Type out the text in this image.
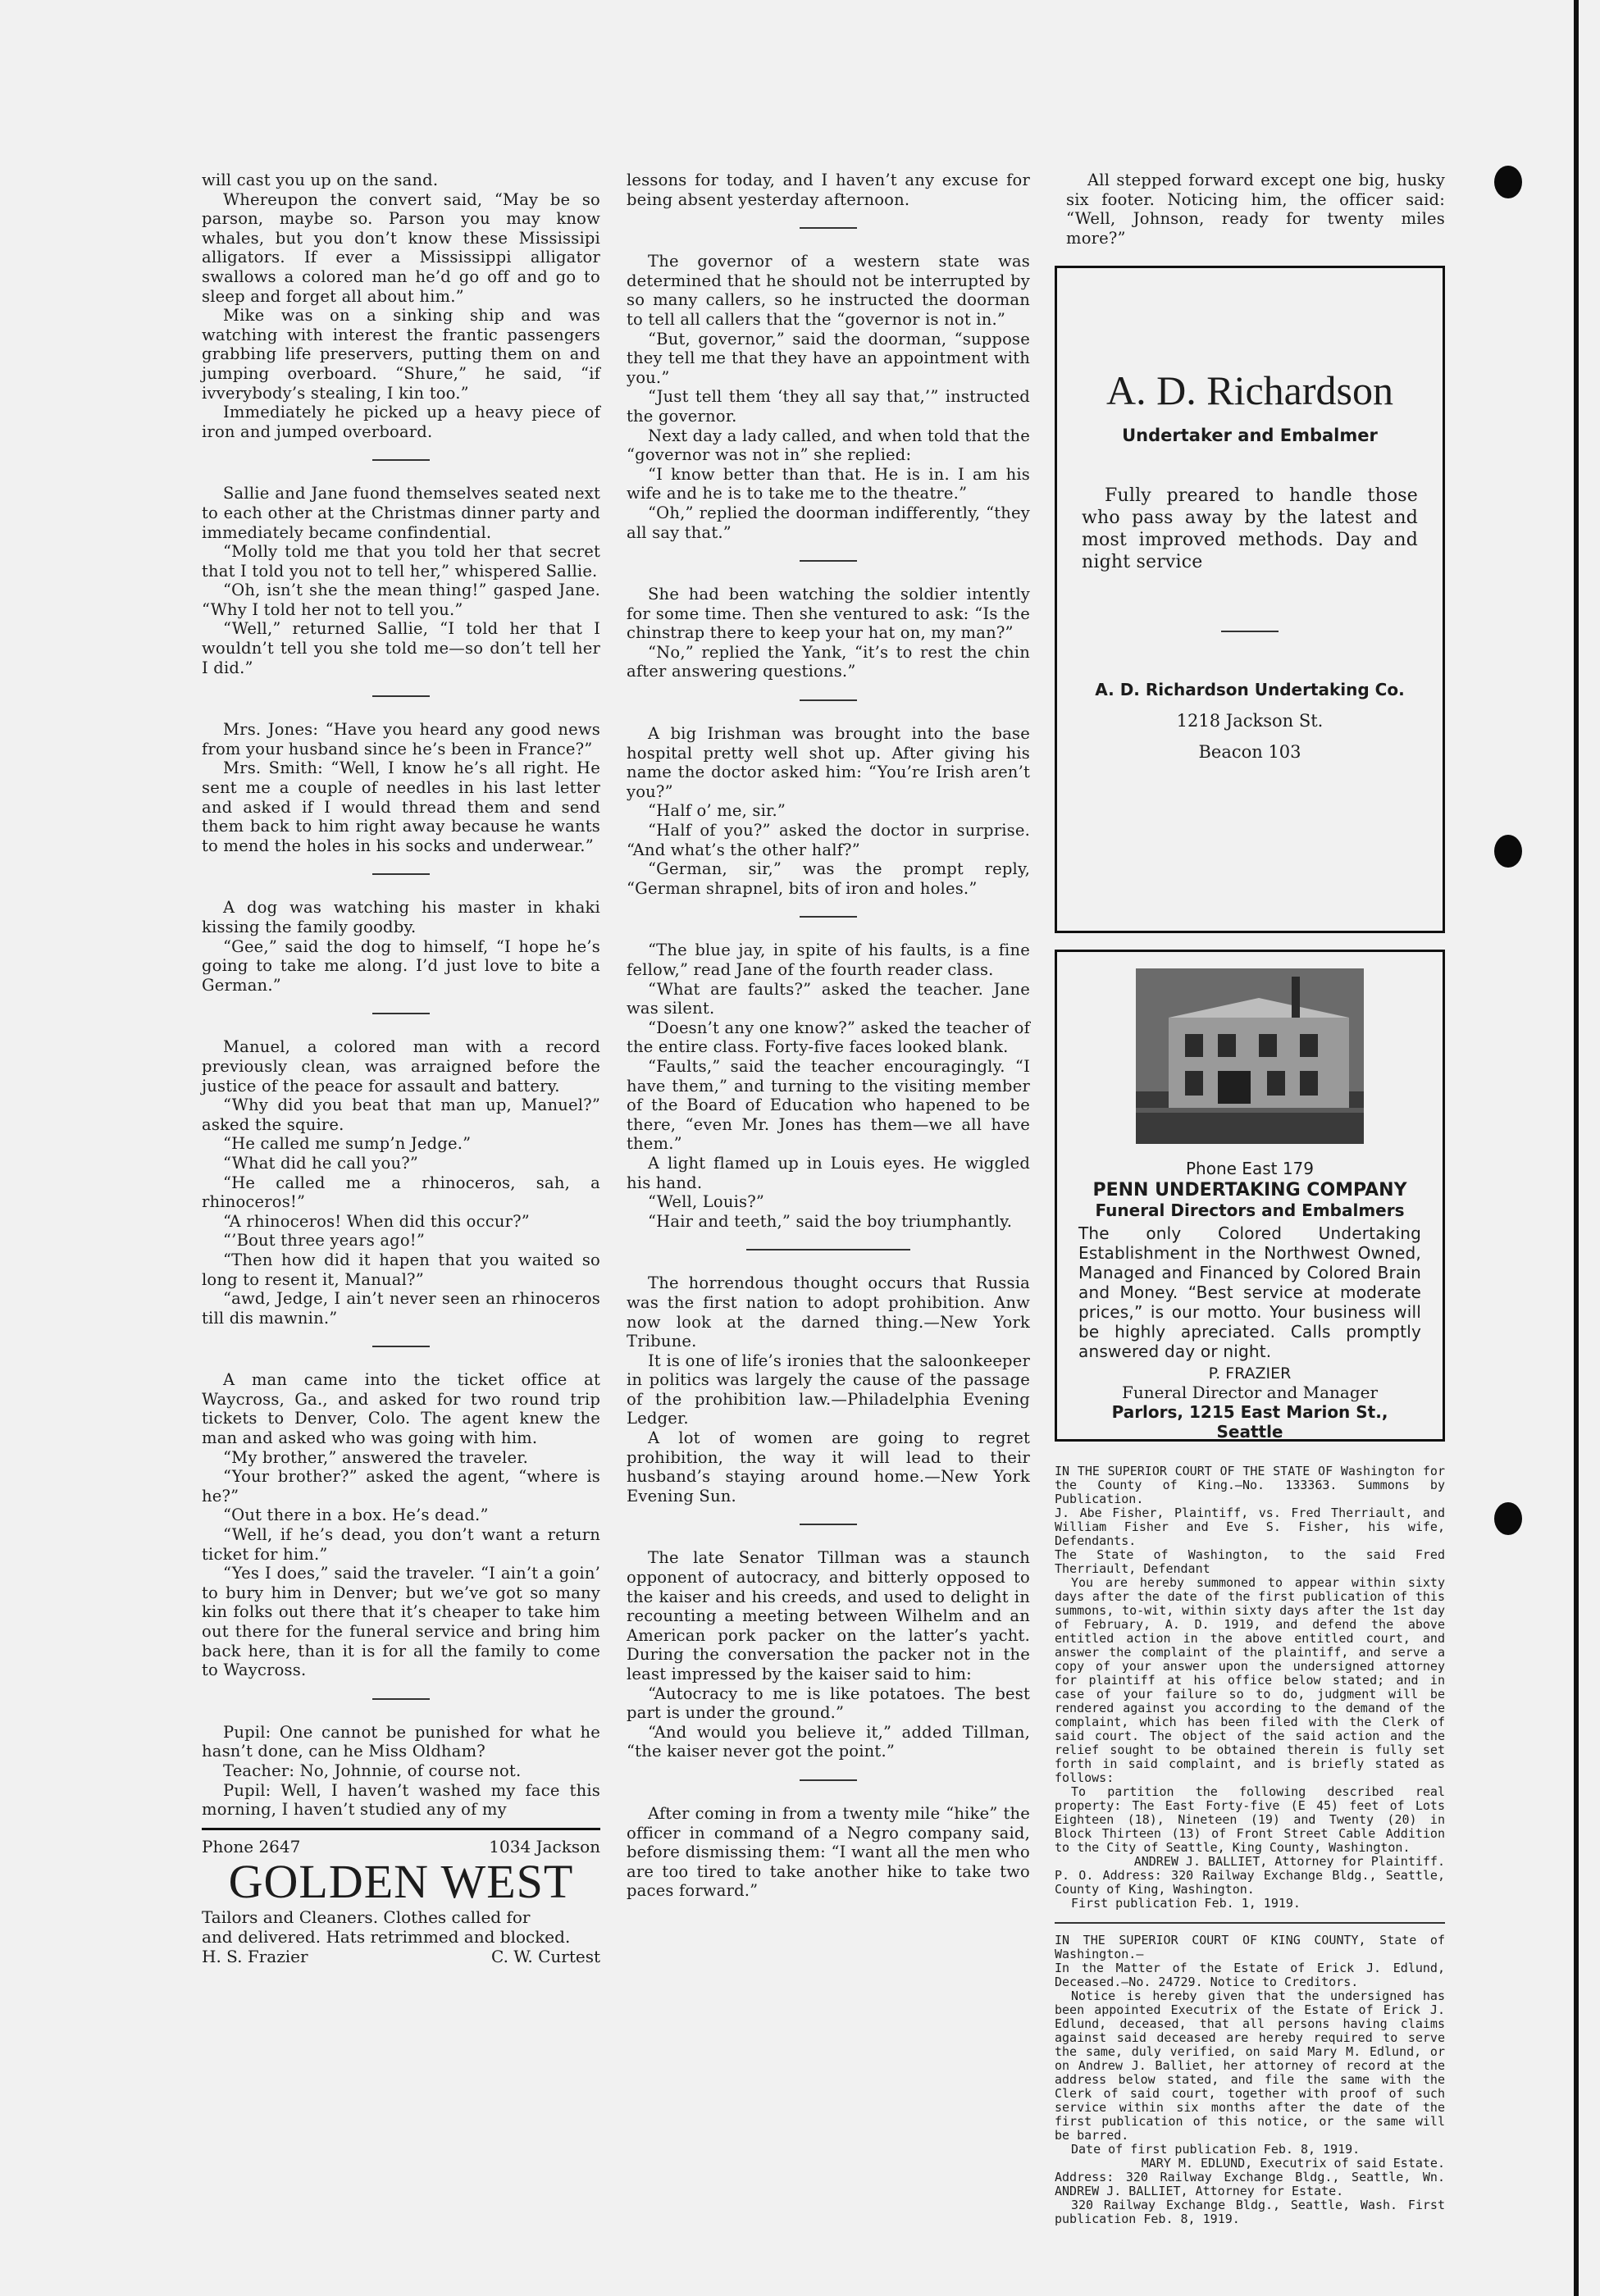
will cast you up on the sand.

Whereupon the convert said, “May be so parson, maybe so. Parson you may know whales, but you don’t know these Mississipi alligators. If ever a Mississippi alligator swallows a colored man he’d go off and go to sleep and forget all about him.”

Mike was on a sinking ship and was watching with interest the frantic passengers grabbing life preservers, putting them on and jumping overboard. “Shure,” he said, “if ivverybody’s stealing, I kin too.”

Immediately he picked up a heavy piece of iron and jumped overboard.

Sallie and Jane fuond themselves seated next to each other at the Christmas dinner party and immediately became confindential.

“Molly told me that you told her that secret that I told you not to tell her,” whispered Sallie.

“Oh, isn’t she the mean thing!” gasped Jane. “Why I told her not to tell you.”

“Well,” returned Sallie, “I told her that I wouldn’t tell you she told me—so don’t tell her I did.”

Mrs. Jones: “Have you heard any good news from your husband since he’s been in France?”

Mrs. Smith: “Well, I know he’s all right. He sent me a couple of needles in his last letter and asked if I would thread them and send them back to him right away because he wants to mend the holes in his socks and underwear.”

A dog was watching his master in khaki kissing the family goodby.

“Gee,” said the dog to himself, “I hope he’s going to take me along. I’d just love to bite a German.”

Manuel, a colored man with a record previously clean, was arraigned before the justice of the peace for assault and battery.

“Why did you beat that man up, Manuel?” asked the squire.

“He called me sump’n Jedge.”

“What did he call you?”

“He called me a rhinoceros, sah, a rhinoceros!”

“A rhinoceros! When did this occur?”

“’Bout three years ago!”

“Then how did it hapen that you waited so long to resent it, Manual?”

“awd, Jedge, I ain’t never seen an rhinoceros till dis mawnin.”

A man came into the ticket office at Waycross, Ga., and asked for two round trip tickets to Denver, Colo. The agent knew the man and asked who was going with him.

“My brother,” answered the traveler.

“Your brother?” asked the agent, “where is he?”

“Out there in a box. He’s dead.”

“Well, if he’s dead, you don’t want a return ticket for him.”

“Yes I does,” said the traveler. “I ain’t a goin’ to bury him in Denver; but we’ve got so many kin folks out there that it’s cheaper to take him out there for the funeral service and bring him back here, than it is for all the family to come to Waycross.

Pupil: One cannot be punished for what he hasn’t done, can he Miss Oldham?

Teacher: No, Johnnie, of course not.

Pupil: Well, I haven’t washed my face this morning, I haven’t studied any of my

Phone 2647	1034 Jackson
GOLDEN WEST
Tailors and Cleaners. Clothes called for
and delivered. Hats retrimmed and blocked.
H. S. Frazier	C. W. Curtest

lessons for today, and I haven’t any excuse for being absent yesterday afternoon.

The governor of a western state was determined that he should not be interrupted by so many callers, so he instructed the doorman to tell all callers that the “governor is not in.”

“But, governor,” said the doorman, “suppose they tell me that they have an appointment with you.”

“Just tell them ‘they all say that,’” instructed the governor.

Next day a lady called, and when told that the “governor was not in” she replied:

“I know better than that. He is in. I am his wife and he is to take me to the theatre.”

“Oh,” replied the doorman indifferently, “they all say that.”

She had been watching the soldier intently for some time. Then she ventured to ask: “Is the chinstrap there to keep your hat on, my man?”

“No,” replied the Yank, “it’s to rest the chin after answering questions.”

A big Irishman was brought into the base hospital pretty well shot up. After giving his name the doctor asked him: “You’re Irish aren’t you?”

“Half o’ me, sir.”

“Half of you?” asked the doctor in surprise. “And what’s the other half?”

“German, sir,” was the prompt reply, “German shrapnel, bits of iron and holes.”

“The blue jay, in spite of his faults, is a fine fellow,” read Jane of the fourth reader class.

“What are faults?” asked the teacher. Jane was silent.

“Doesn’t any one know?” asked the teacher of the entire class. Forty-five faces looked blank.

“Faults,” said the teacher encouragingly. “I have them,” and turning to the visiting member of the Board of Education who hapened to be there, “even Mr. Jones has them—we all have them.”

A light flamed up in Louis eyes. He wiggled his hand.

“Well, Louis?”

“Hair and teeth,” said the boy triumphantly.

The horrendous thought occurs that Russia was the first nation to adopt prohibition. Anw now look at the darned thing.—New York Tribune.

It is one of life’s ironies that the saloonkeeper in politics was largely the cause of the passage of the prohibition law.—Philadelphia Evening Ledger.

A lot of women are going to regret prohibition, the way it will lead to their husband’s staying around home.—New York Evening Sun.

The late Senator Tillman was a staunch opponent of autocracy, and bitterly opposed to the kaiser and his creeds, and used to delight in recounting a meeting between Wilhelm and an American pork packer on the latter’s yacht. During the conversation the packer not in the least impressed by the kaiser said to him:

“Autocracy to me is like potatoes. The best part is under the ground.”

“And would you believe it,” added Tillman, “the kaiser never got the point.”

After coming in from a twenty mile “hike” the officer in command of a Negro company said, before dismissing them: “I want all the men who are too tired to take another hike to take two paces forward.”

All stepped forward except one big, husky six footer. Noticing him, the officer said: “Well, Johnson, ready for twenty miles more?”

A. D. Richardson
Undertaker and Embalmer

Fully preared to handle those who pass away by the latest and most improved methods. Day and night service

A. D. Richardson Undertaking Co.
1218 Jackson St.
Beacon 103
Phone East 179
PENN UNDERTAKING COMPANY
Funeral Directors and Embalmers

The only Colored Undertaking Establishment in the Northwest Owned, Managed and Financed by Colored Brain and Money. “Best service at moderate prices,” is our motto. Your business will be highly apreciated. Calls promptly answered day or night.

P. FRAZIER
Funeral Director and Manager
Parlors, 1215 East Marion St., Seattle

IN THE SUPERIOR COURT OF THE STATE OF Washington for the County of King.—No. 133363. Summons by Publication.

J. Abe Fisher, Plaintiff, vs. Fred Therriault, and William Fisher and Eve S. Fisher, his wife, Defendants.

The State of Washington, to the said Fred Therriault, Defendant

You are hereby summoned to appear within sixty days after the date of the first publication of this summons, to-wit, within sixty days after the 1st day of February, A. D. 1919, and defend the above entitled action in the above entitled court, and answer the complaint of the plaintiff, and serve a copy of your answer upon the undersigned attorney for plaintiff at his office below stated; and in case of your failure so to do, judgment will be rendered against you according to the demand of the complaint, which has been filed with the Clerk of said court. The object of the said action and the relief sought to be obtained therein is fully set forth in said complaint, and is briefly stated as follows:

To partition the following described real property: The East Forty-five (E 45) feet of Lots Eighteen (18), Nineteen (19) and Twenty (20) in Block Thirteen (13) of Front Street Cable Addition to the City of Seattle, King County, Washington.

ANDREW J. BALLIET, Attorney for Plaintiff.

P. O. Address: 320 Railway Exchange Bldg., Seattle, County of King, Washington.

First publication Feb. 1, 1919.

IN THE SUPERIOR COURT OF KING COUNTY, State of Washington.—

In the Matter of the Estate of Erick J. Edlund, Deceased.—No. 24729. Notice to Creditors.

Notice is hereby given that the undersigned has been appointed Executrix of the Estate of Erick J. Edlund, deceased, that all persons having claims against said deceased are hereby required to serve the same, duly verified, on said Mary M. Edlund, or on Andrew J. Balliet, her attorney of record at the address below stated, and file the same with the Clerk of said court, together with proof of such service within six months after the date of the first publication of this notice, or the same will be barred.

Date of first publication Feb. 8, 1919.

MARY M. EDLUND, Executrix of said Estate.

Address: 320 Railway Exchange Bldg., Seattle, Wn. ANDREW J. BALLIET, Attorney for Estate.

320 Railway Exchange Bldg., Seattle, Wash. First publication Feb. 8, 1919.
